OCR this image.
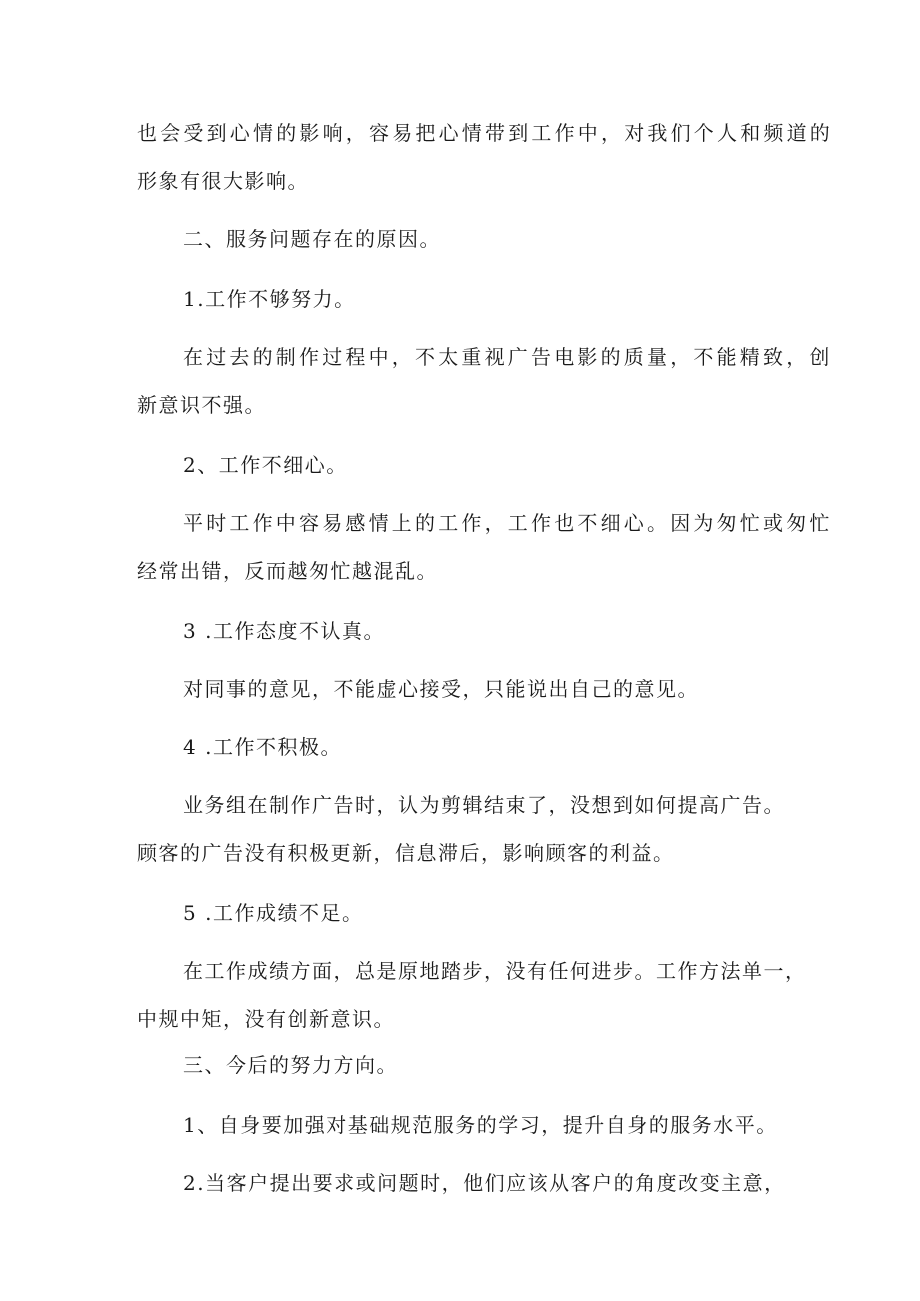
也会受到心情的影响，容易把心情带到工作中，对我们个人和频道的
形象有很大影响。
二、服务问题存在的原因。
1.工作不够努力。
在过去的制作过程中，不太重视广告电影的质量，不能精致，创
新意识不强。
2、工作不细心。
平时工作中容易感情上的工作，工作也不细心。因为匆忙或匆忙
经常出错，反而越匆忙越混乱。
3 .工作态度不认真。
对同事的意见，不能虚心接受，只能说出自己的意见。
4 .工作不积极。
业务组在制作广告时，认为剪辑结束了，没想到如何提高广告。
顾客的广告没有积极更新，信息滞后，影响顾客的利益。
5 .工作成绩不足。
在工作成绩方面，总是原地踏步，没有任何进步。工作方法单一，
中规中矩，没有创新意识。
三、今后的努力方向。
1、自身要加强对基础规范服务的学习，提升自身的服务水平。
2.当客户提出要求或问题时，他们应该从客户的角度改变主意，
